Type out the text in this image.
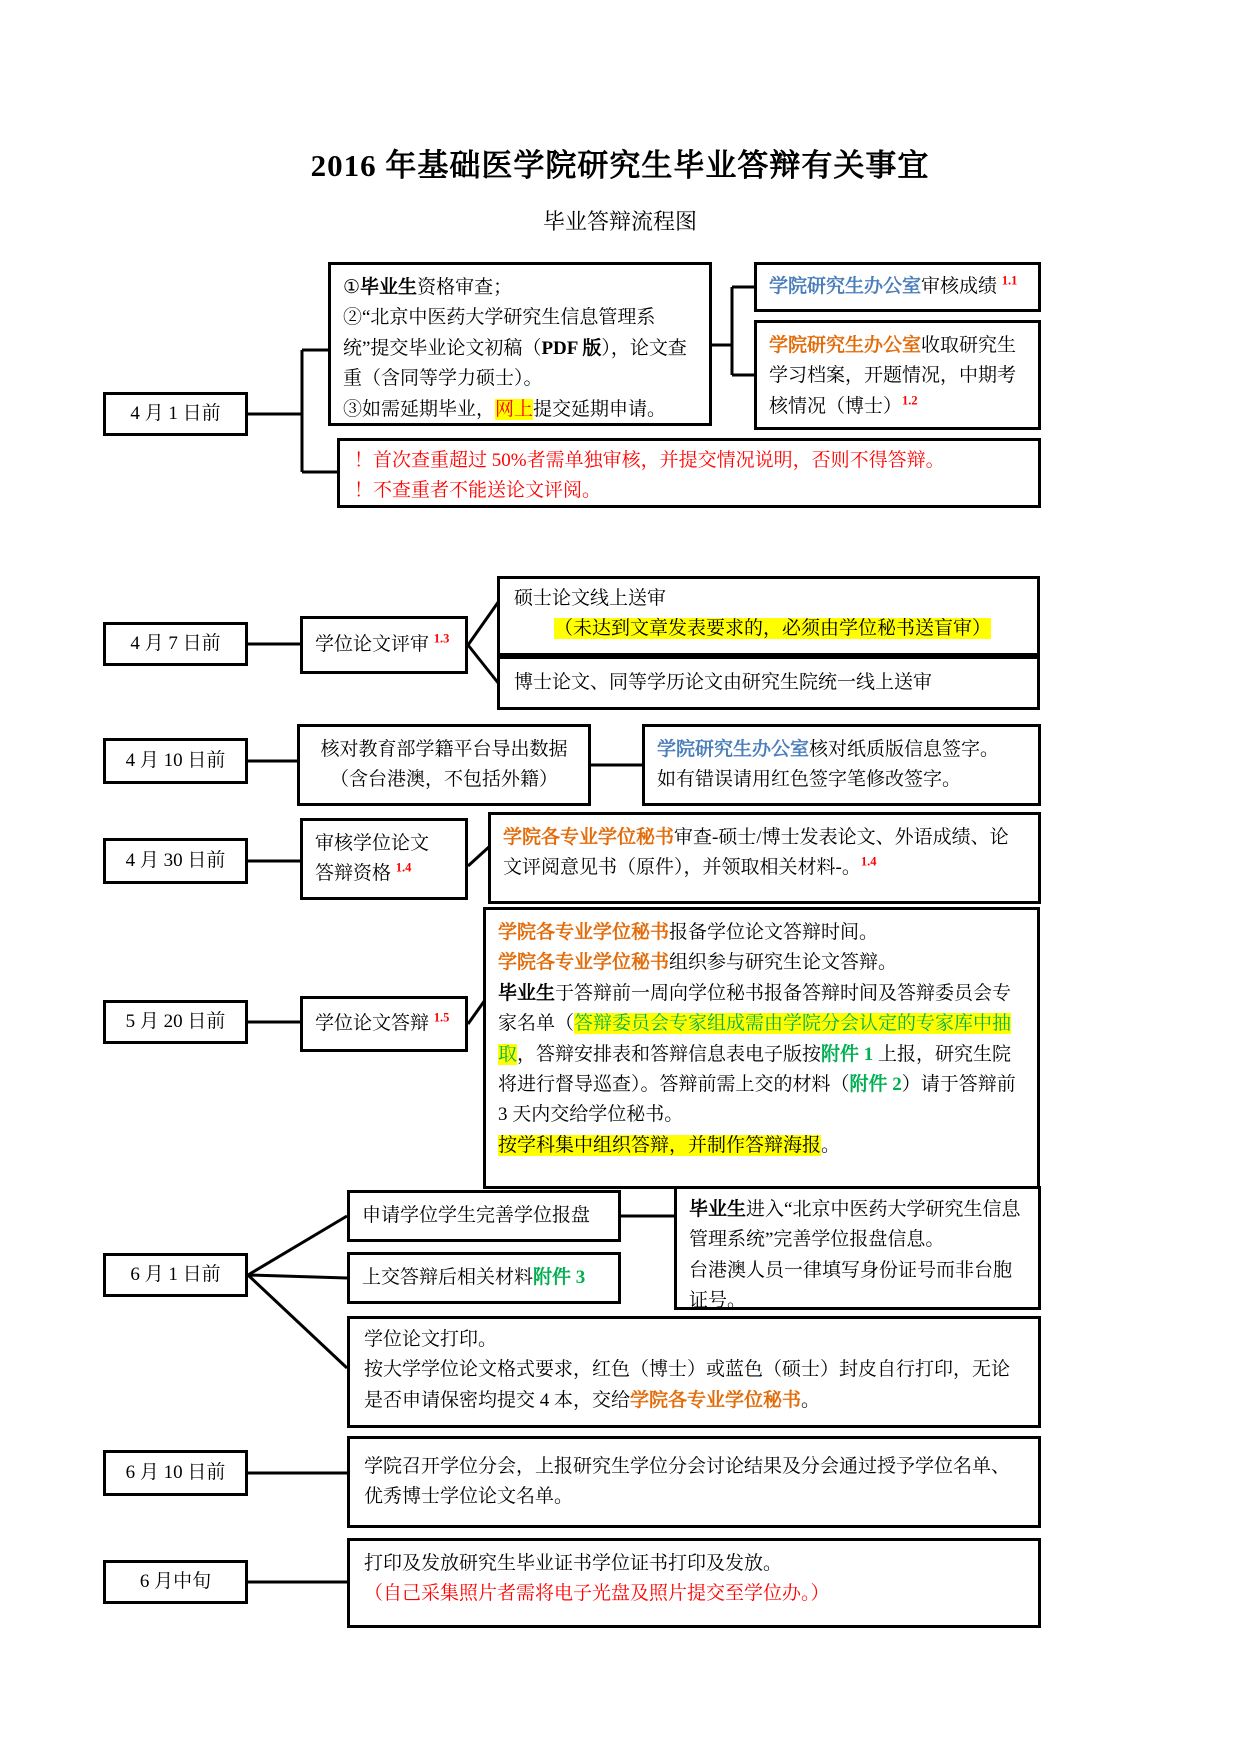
2016 年基础医学院研究生毕业答辩有关事宜
毕业答辩流程图
4 月 1 日前
4 月 7 日前
4 月 10 日前
4 月 30 日前
5 月 20 日前
6 月 1 日前
6 月 10 日前
6 月中旬
①毕业生资格审查；
②“北京中医药大学研究生信息管理系统”提交毕业论文初稿（PDF 版），论文查重（含同等学力硕士）。
③如需延期毕业，网上提交延期申请。
学院研究生办公室审核成绩 $^{1.1}$
学院研究生办公室收取研究生学习档案，开题情况，中期考核情况（博士）$^{1.2}$
！首次查重超过 50%者需单独审核，并提交情况说明，否则不得答辩。
！不查重者不能送论文评阅。
学位论文评审 $^{1.3}$
硕士论文线上送审
（未达到文章发表要求的，必须由学位秘书送盲审）
博士论文、同等学历论文由研究生院统一线上送审
核对教育部学籍平台导出数据
（含台港澳，不包括外籍）
学院研究生办公室核对纸质版信息签字。
如有错误请用红色签字笔修改签字。
审核学位论文
答辩资格 $^{1.4}$
学院各专业学位秘书审查-硕士/博士发表论文、外语成绩、论文评阅意见书（原件），并领取相关材料-。$^{1.4}$
学位论文答辩 $^{1.5}$
学院各专业学位秘书报备学位论文答辩时间。
学院各专业学位秘书组织参与研究生论文答辩。
毕业生于答辩前一周向学位秘书报备答辩时间及答辩委员会专家名单（答辩委员会专家组成需由学院分会认定的专家库中抽取，答辩安排表和答辩信息表电子版按附件 1 上报，研究生院将进行督导巡查）。答辩前需上交的材料（附件 2）请于答辩前 3 天内交给学位秘书。
按学科集中组织答辩，并制作答辩海报。
申请学位学生完善学位报盘
上交答辩后相关材料附件 3
毕业生进入“北京中医药大学研究生信息管理系统”完善学位报盘信息。
台港澳人员一律填写身份证号而非台胞证号。
学位论文打印。
按大学学位论文格式要求，红色（博士）或蓝色（硕士）封皮自行打印，无论是否申请保密均提交 4 本，交给学院各专业学位秘书。
学院召开学位分会，上报研究生学位分会讨论结果及分会通过授予学位名单、优秀博士学位论文名单。
打印及发放研究生毕业证书学位证书打印及发放。
（自己采集照片者需将电子光盘及照片提交至学位办。）
